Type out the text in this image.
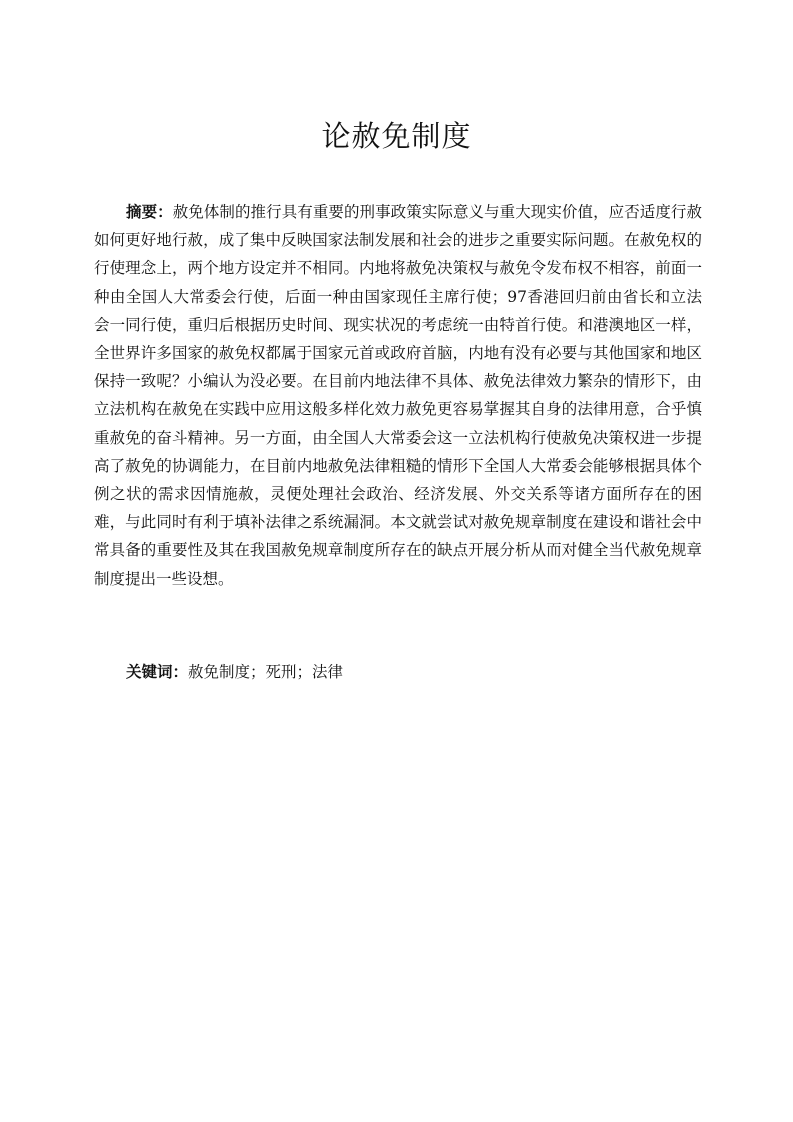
论赦免制度

摘要：赦免体制的推行具有重要的刑事政策实际意义与重大现实价值，应否适度行赦如何更好地行赦，成了集中反映国家法制发展和社会的进步之重要实际问题。在赦免权的行使理念上，两个地方设定并不相同。内地将赦免决策权与赦免令发布权不相容，前面一种由全国人大常委会行使，后面一种由国家现任主席行使；97香港回归前由省长和立法会一同行使，重归后根据历史时间、现实状况的考虑统一由特首行使。和港澳地区一样，全世界许多国家的赦免权都属于国家元首或政府首脑，内地有没有必要与其他国家和地区保持一致呢？小编认为没必要。在目前内地法律不具体、赦免法律效力繁杂的情形下，由立法机构在赦免在实践中应用这般多样化效力赦免更容易掌握其自身的法律用意，合乎慎重赦免的奋斗精神。另一方面，由全国人大常委会这一立法机构行使赦免决策权进一步提高了赦免的协调能力，在目前内地赦免法律粗糙的情形下全国人大常委会能够根据具体个例之状的需求因情施赦，灵便处理社会政治、经济发展、外交关系等诸方面所存在的困难，与此同时有利于填补法律之系统漏洞。本文就尝试对赦免规章制度在建设和谐社会中常具备的重要性及其在我国赦免规章制度所存在的缺点开展分析从而对健全当代赦免规章制度提出一些设想。

关键词：赦免制度；死刑；法律
